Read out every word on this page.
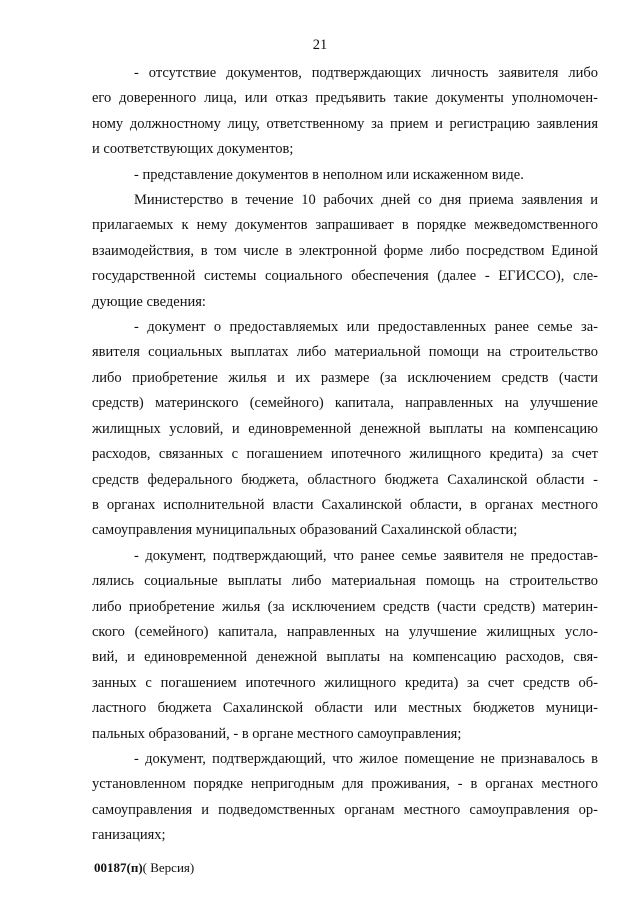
21
- отсутствие документов, подтверждающих личность заявителя либо
его доверенного лица, или отказ предъявить такие документы уполномочен-
ному должностному лицу, ответственному за прием и регистрацию заявления
и соответствующих документов;
- представление документов в неполном или искаженном виде.
Министерство в течение 10 рабочих дней со дня приема заявления и
прилагаемых к нему документов запрашивает в порядке межведомственного
взаимодействия, в том числе в электронной форме либо посредством Единой
государственной системы социального обеспечения (далее - ЕГИССО), сле-
дующие сведения:
- документ о предоставляемых или предоставленных ранее семье за-
явителя социальных выплатах либо материальной помощи на строительство
либо приобретение жилья и их размере (за исключением средств (части
средств) материнского (семейного) капитала, направленных на улучшение
жилищных условий, и единовременной денежной выплаты на компенсацию
расходов, связанных с погашением ипотечного жилищного кредита) за счет
средств федерального бюджета, областного бюджета Сахалинской области -
в органах исполнительной власти Сахалинской области, в органах местного
самоуправления муниципальных образований Сахалинской области;
- документ, подтверждающий, что ранее семье заявителя не предостав-
лялись социальные выплаты либо материальная помощь на строительство
либо приобретение жилья (за исключением средств (части средств) материн-
ского (семейного) капитала, направленных на улучшение жилищных усло-
вий, и единовременной денежной выплаты на компенсацию расходов, свя-
занных с погашением ипотечного жилищного кредита) за счет средств об-
ластного бюджета Сахалинской области или местных бюджетов муници-
пальных образований, - в органе местного самоуправления;
- документ, подтверждающий, что жилое помещение не признавалось в
установленном порядке непригодным для проживания, - в органах местного
самоуправления и подведомственных органам местного самоуправления ор-
ганизациях;
00187(п)( Версия)
